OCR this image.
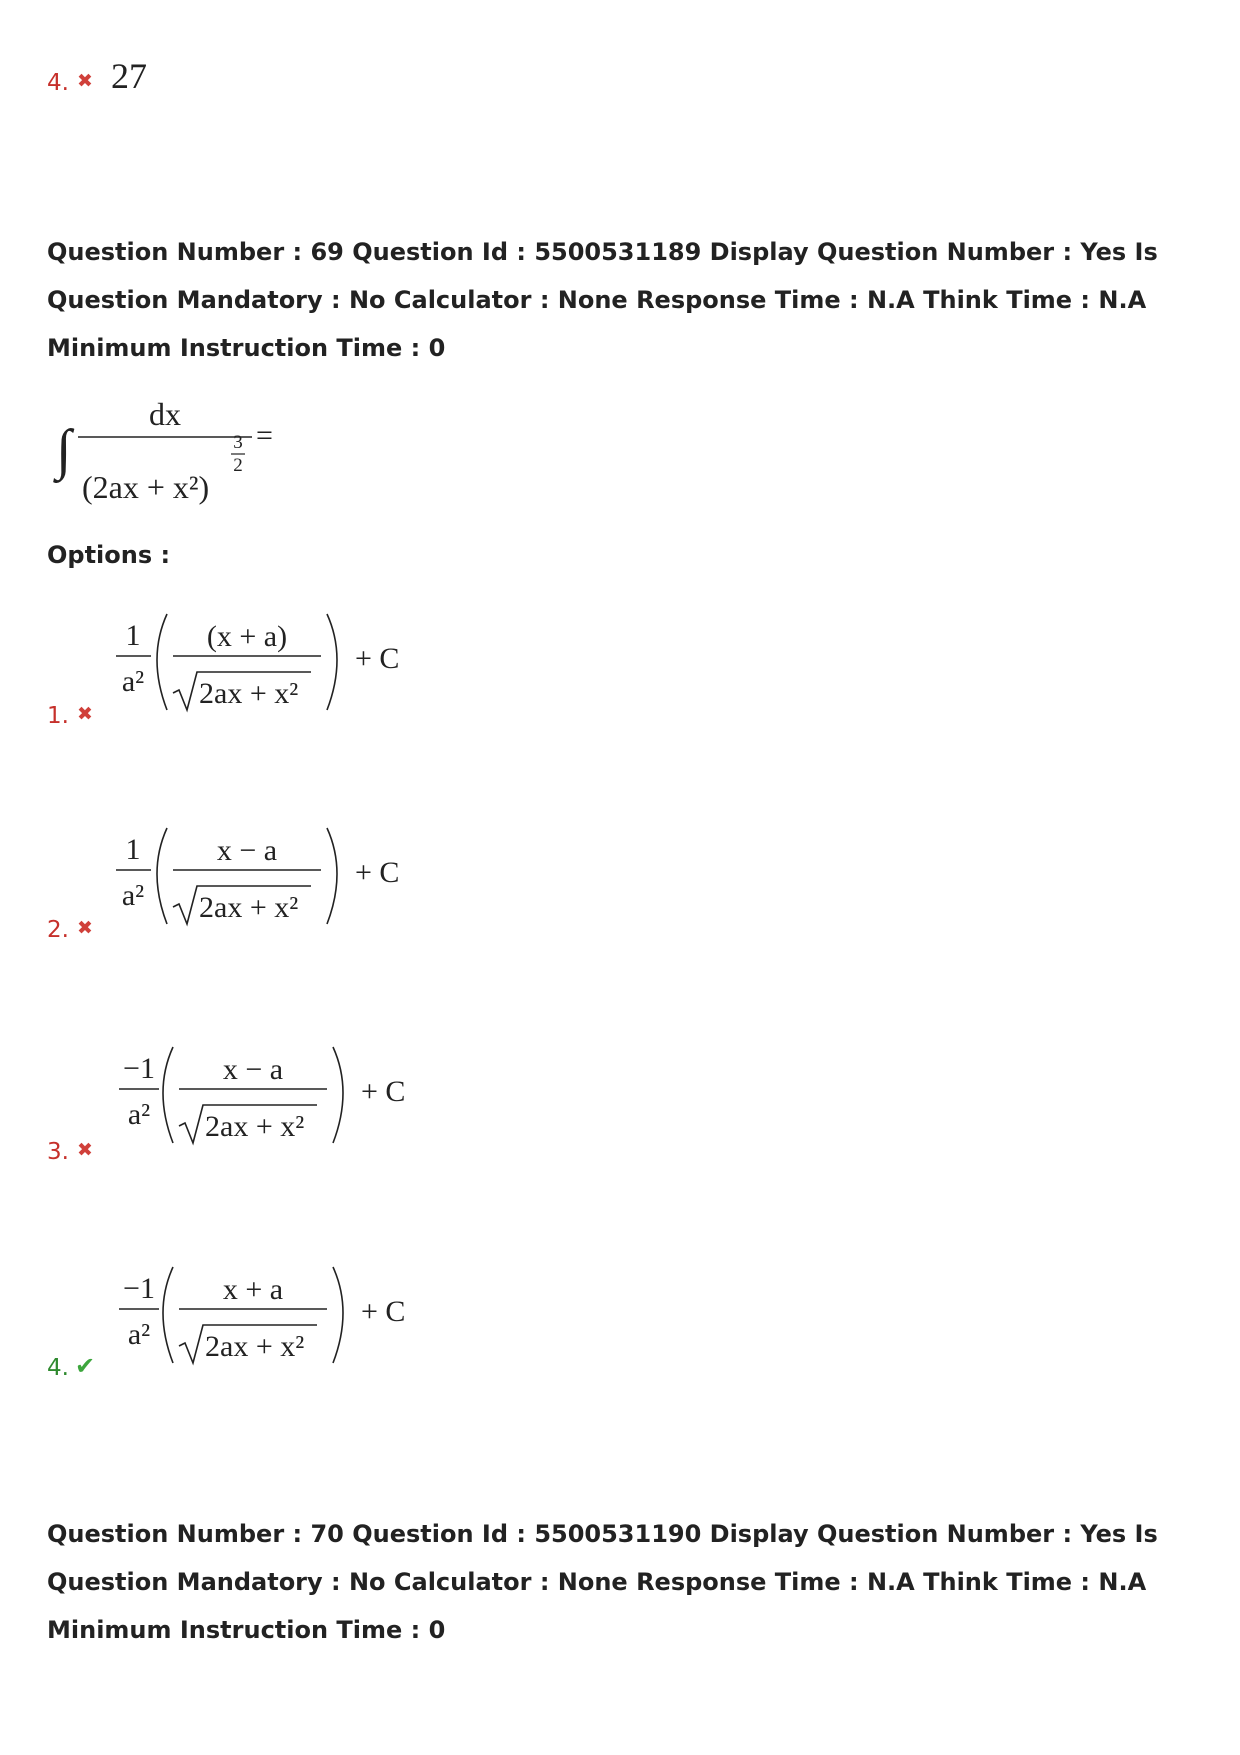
4. ✖ 27

Question Number : 69 Question Id : 5500531189 Display Question Number : Yes Is Question Mandatory : No Calculator : None Response Time : N.A Think Time : N.A Minimum Instruction Time : 0

∫
dx
(2ax + x²)
3
2
=

Options :

1. ✖
1
a²
(x + a)
2ax + x²
+ C
2. ✖
1
a²
x − a
2ax + x²
+ C
3. ✖
−1
a²
x − a
2ax + x²
+ C
4. ✔
−1
a²
x + a
2ax + x²
+ C

Question Number : 70 Question Id : 5500531190 Display Question Number : Yes Is Question Mandatory : No Calculator : None Response Time : N.A Think Time : N.A Minimum Instruction Time : 0
